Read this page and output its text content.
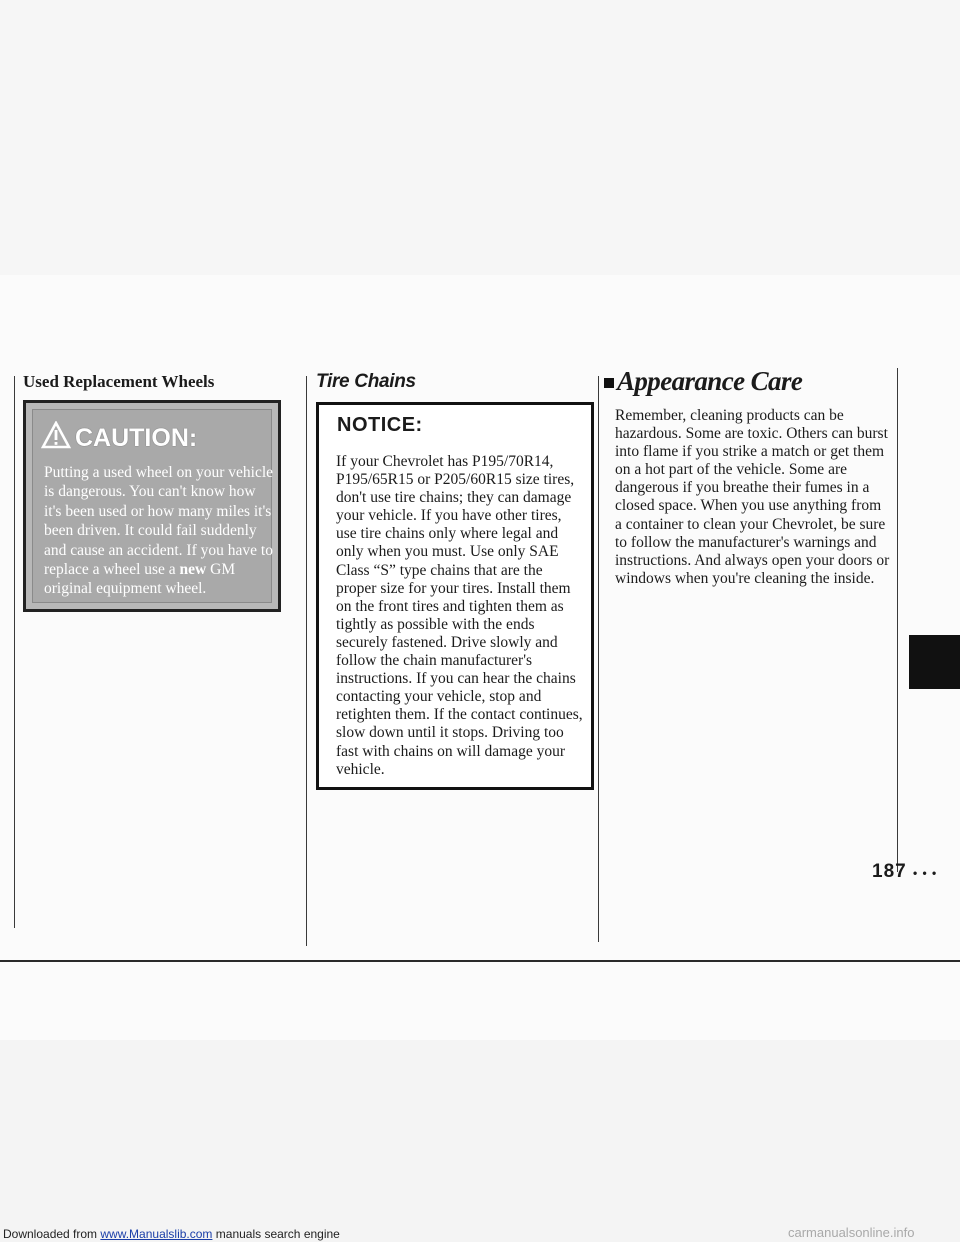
Used Replacement Wheels
CAUTION:
Putting a used wheel on your vehicle is dangerous. You can't know how it's been used or how many miles it's been driven. It could fail suddenly and cause an accident. If you have to replace a wheel use a new GM original equipment wheel.
Tire Chains
NOTICE:
If your Chevrolet has P195/70R14, P195/65R15 or P205/60R15 size tires, don't use tire chains; they can damage your vehicle. If you have other tires, use tire chains only where legal and only when you must. Use only SAE Class “S” type chains that are the proper size for your tires. Install them on the front tires and tighten them as tightly as possible with the ends securely fastened. Drive slowly and follow the chain manufacturer's instructions. If you can hear the chains contacting your vehicle, stop and retighten them. If the contact continues, slow down until it stops. Driving too fast with chains on will damage your vehicle.
Appearance Care
Remember, cleaning products can be hazardous. Some are toxic. Others can burst into flame if you strike a match or get them on a hot part of the vehicle. Some are dangerous if you breathe their fumes in a closed space. When you use anything from a container to clean your Chevrolet, be sure to follow the manufacturer's warnings and instructions. And always open your doors or windows when you're cleaning the inside.
187 • • •
Downloaded from www.Manualslib.com manuals search engine	carmanualsonline.info
